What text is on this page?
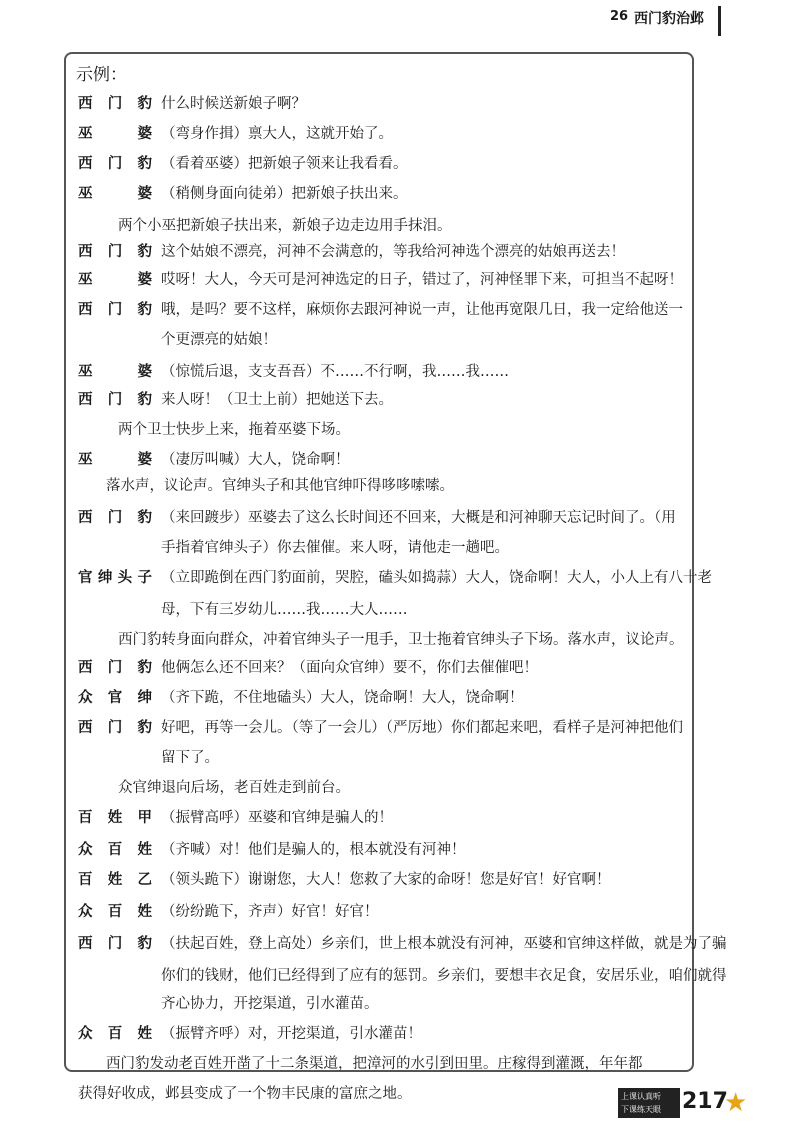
26 西门豹治邺
示例：
西 门 豹 什么时候送新娘子啊？
巫	婆 （弯身作揖）禀大人，这就开始了。
西 门 豹 （看着巫婆）把新娘子领来让我看看。
巫	婆 （稍侧身面向徒弟）把新娘子扶出来。
两个小巫把新娘子扶出来，新娘子边走边用手抹泪。
西 门 豹 这个姑娘不漂亮，河神不会满意的，等我给河神选个漂亮的姑娘再送去！
巫	婆 哎呀！大人，今天可是河神选定的日子，错过了，河神怪罪下来，可担当不起呀！
西 门 豹 哦，是吗？要不这样，麻烦你去跟河神说一声，让他再宽限几日，我一定给他送一
个更漂亮的姑娘！
巫	婆 （惊慌后退，支支吾吾）不……不行啊，我……我……
西 门 豹 来人呀！（卫士上前）把她送下去。
两个卫士快步上来，拖着巫婆下场。
巫	婆 （凄厉叫喊）大人，饶命啊！
落水声，议论声。官绅头子和其他官绅吓得哆哆嗦嗦。
西 门 豹 （来回踱步）巫婆去了这么长时间还不回来，大概是和河神聊天忘记时间了。（用
手指着官绅头子）你去催催。来人呀，请他走一趟吧。
官 绅 头 子 （立即跪倒在西门豹面前，哭腔，磕头如捣蒜）大人，饶命啊！大人，小人上有八十老
母，下有三岁幼儿……我……大人……
西门豹转身面向群众，冲着官绅头子一甩手，卫士拖着官绅头子下场。落水声，议论声。
西 门 豹 他俩怎么还不回来？（面向众官绅）要不，你们去催催吧！
众 官 绅 （齐下跪，不住地磕头）大人，饶命啊！大人，饶命啊！
西 门 豹 好吧，再等一会儿。（等了一会儿）（严厉地）你们都起来吧，看样子是河神把他们
留下了。
众官绅退向后场，老百姓走到前台。
百 姓 甲 （振臂高呼）巫婆和官绅是骗人的！
众 百 姓 （齐喊）对！他们是骗人的，根本就没有河神！
百 姓 乙 （领头跪下）谢谢您，大人！您救了大家的命呀！您是好官！好官啊！
众 百 姓 （纷纷跪下，齐声）好官！好官！
西 门 豹 （扶起百姓，登上高处）乡亲们，世上根本就没有河神，巫婆和官绅这样做，就是为了骗
你们的钱财，他们已经得到了应有的惩罚。乡亲们，要想丰衣足食，安居乐业，咱们就得
齐心协力，开挖渠道，引水灌苗。
众 百 姓 （振臂齐呼）对，开挖渠道，引水灌苗！
西门豹发动老百姓开凿了十二条渠道，把漳河的水引到田里。庄稼得到灌溉，年年都
获得好收成，邺县变成了一个物丰民康的富庶之地。	上课认真听
下课练天眼 217
★
